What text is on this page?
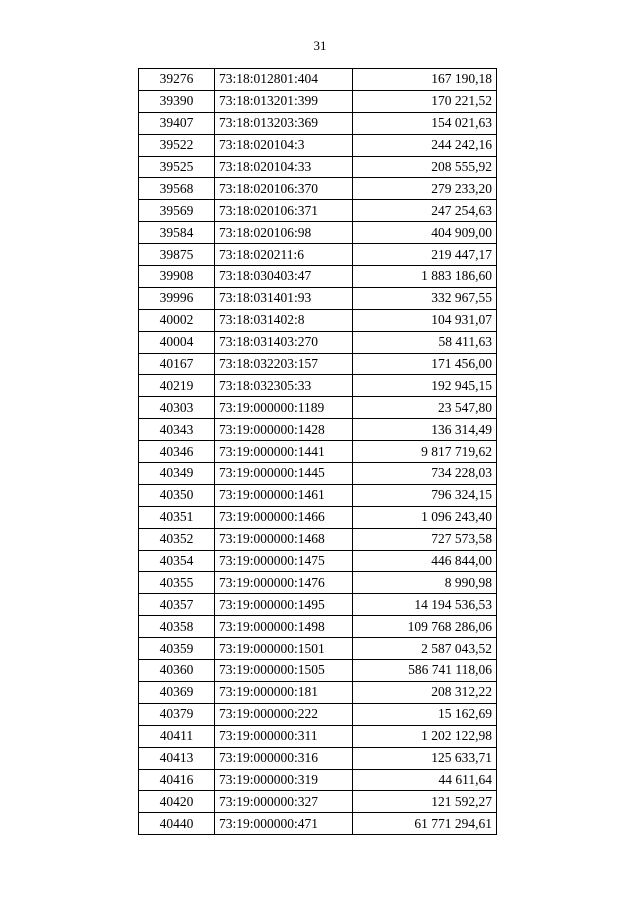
31
39276	73:18:012801:404	167 190,18
39390	73:18:013201:399	170 221,52
39407	73:18:013203:369	154 021,63
39522	73:18:020104:3	244 242,16
39525	73:18:020104:33	208 555,92
39568	73:18:020106:370	279 233,20
39569	73:18:020106:371	247 254,63
39584	73:18:020106:98	404 909,00
39875	73:18:020211:6	219 447,17
39908	73:18:030403:47	1 883 186,60
39996	73:18:031401:93	332 967,55
40002	73:18:031402:8	104 931,07
40004	73:18:031403:270	58 411,63
40167	73:18:032203:157	171 456,00
40219	73:18:032305:33	192 945,15
40303	73:19:000000:1189	23 547,80
40343	73:19:000000:1428	136 314,49
40346	73:19:000000:1441	9 817 719,62
40349	73:19:000000:1445	734 228,03
40350	73:19:000000:1461	796 324,15
40351	73:19:000000:1466	1 096 243,40
40352	73:19:000000:1468	727 573,58
40354	73:19:000000:1475	446 844,00
40355	73:19:000000:1476	8 990,98
40357	73:19:000000:1495	14 194 536,53
40358	73:19:000000:1498	109 768 286,06
40359	73:19:000000:1501	2 587 043,52
40360	73:19:000000:1505	586 741 118,06
40369	73:19:000000:181	208 312,22
40379	73:19:000000:222	15 162,69
40411	73:19:000000:311	1 202 122,98
40413	73:19:000000:316	125 633,71
40416	73:19:000000:319	44 611,64
40420	73:19:000000:327	121 592,27
40440	73:19:000000:471	61 771 294,61
